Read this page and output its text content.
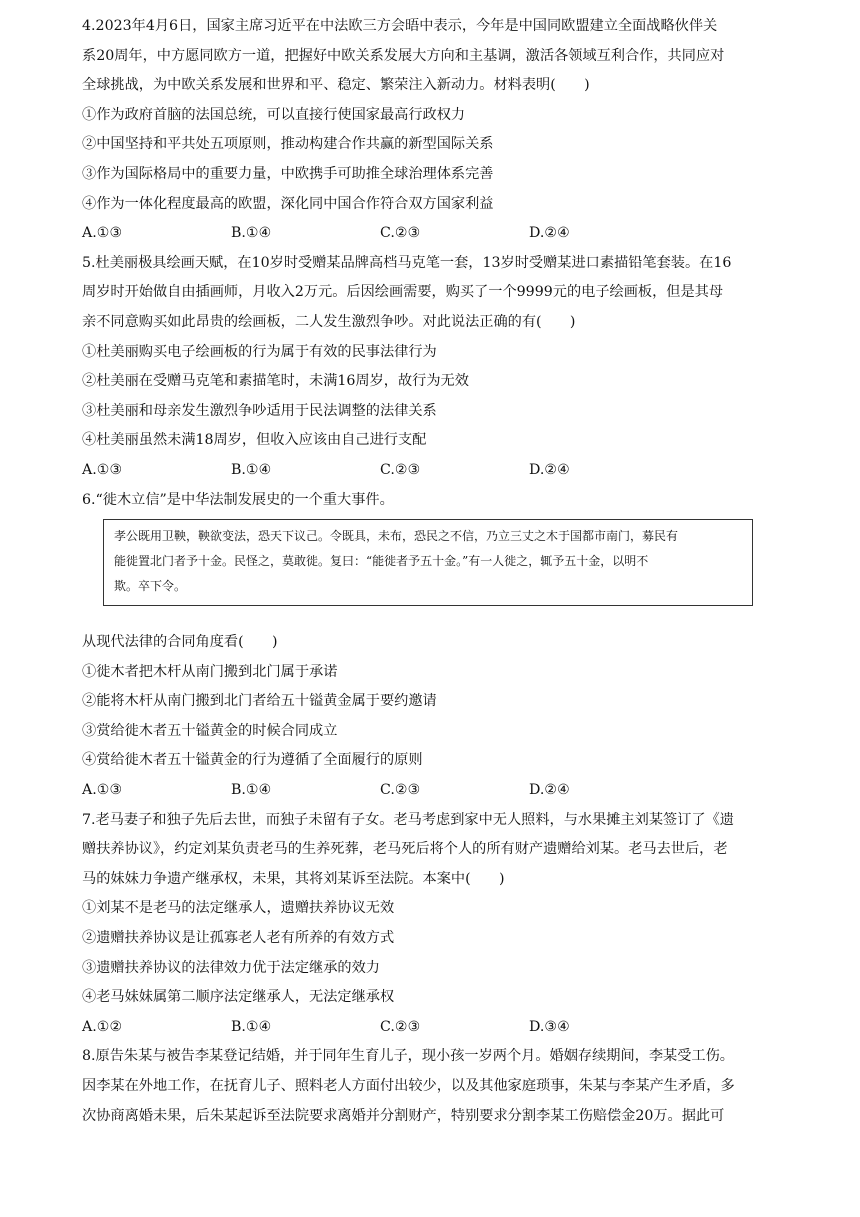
4.2023年4月6日，国家主席习近平在中法欧三方会晤中表示，今年是中国同欧盟建立全面战略伙伴关
系20周年，中方愿同欧方一道，把握好中欧关系发展大方向和主基调，激活各领域互利合作，共同应对
全球挑战，为中欧关系发展和世界和平、稳定、繁荣注入新动力。材料表明(　　)
①作为政府首脑的法国总统，可以直接行使国家最高行政权力
②中国坚持和平共处五项原则，推动构建合作共赢的新型国际关系
③作为国际格局中的重要力量，中欧携手可助推全球治理体系完善
④作为一体化程度最高的欧盟，深化同中国合作符合双方国家利益
A.①③	B.①④	C.②③	D.②④
5.杜美丽极具绘画天赋，在10岁时受赠某品牌高档马克笔一套，13岁时受赠某进口素描铅笔套装。在16
周岁时开始做自由插画师，月收入2万元。后因绘画需要，购买了一个9999元的电子绘画板，但是其母
亲不同意购买如此昂贵的绘画板，二人发生激烈争吵。对此说法正确的有(　　)
①杜美丽购买电子绘画板的行为属于有效的民事法律行为
②杜美丽在受赠马克笔和素描笔时，未满16周岁，故行为无效
③杜美丽和母亲发生激烈争吵适用于民法调整的法律关系
④杜美丽虽然未满18周岁，但收入应该由自己进行支配
A.①③	B.①④	C.②③	D.②④
6.“徙木立信”是中华法制发展史的一个重大事件。
孝公既用卫鞅，鞅欲变法，恐天下议己。令既具，未布，恐民之不信，乃立三丈之木于国都市南门，募民有
能徙置北门者予十金。民怪之，莫敢徙。复曰：“能徙者予五十金。”有一人徙之，辄予五十金，以明不
欺。卒下令。
从现代法律的合同角度看(　　)
①徙木者把木杆从南门搬到北门属于承诺
②能将木杆从南门搬到北门者给五十镒黄金属于要约邀请
③赏给徙木者五十镒黄金的时候合同成立
④赏给徙木者五十镒黄金的行为遵循了全面履行的原则
A.①③	B.①④	C.②③	D.②④
7.老马妻子和独子先后去世，而独子未留有子女。老马考虑到家中无人照料，与水果摊主刘某签订了《遗
赠扶养协议》，约定刘某负责老马的生养死葬，老马死后将个人的所有财产遗赠给刘某。老马去世后，老
马的妹妹力争遗产继承权，未果，其将刘某诉至法院。本案中(　　)
①刘某不是老马的法定继承人，遗赠扶养协议无效
②遗赠扶养协议是让孤寡老人老有所养的有效方式
③遗赠扶养协议的法律效力优于法定继承的效力
④老马妹妹属第二顺序法定继承人，无法定继承权
A.①②	B.①④	C.②③	D.③④
8.原告朱某与被告李某登记结婚，并于同年生育儿子，现小孩一岁两个月。婚姻存续期间，李某受工伤。
因李某在外地工作，在抚育儿子、照料老人方面付出较少，以及其他家庭琐事，朱某与李某产生矛盾，多
次协商离婚未果，后朱某起诉至法院要求离婚并分割财产，特别要求分割李某工伤赔偿金20万。据此可
